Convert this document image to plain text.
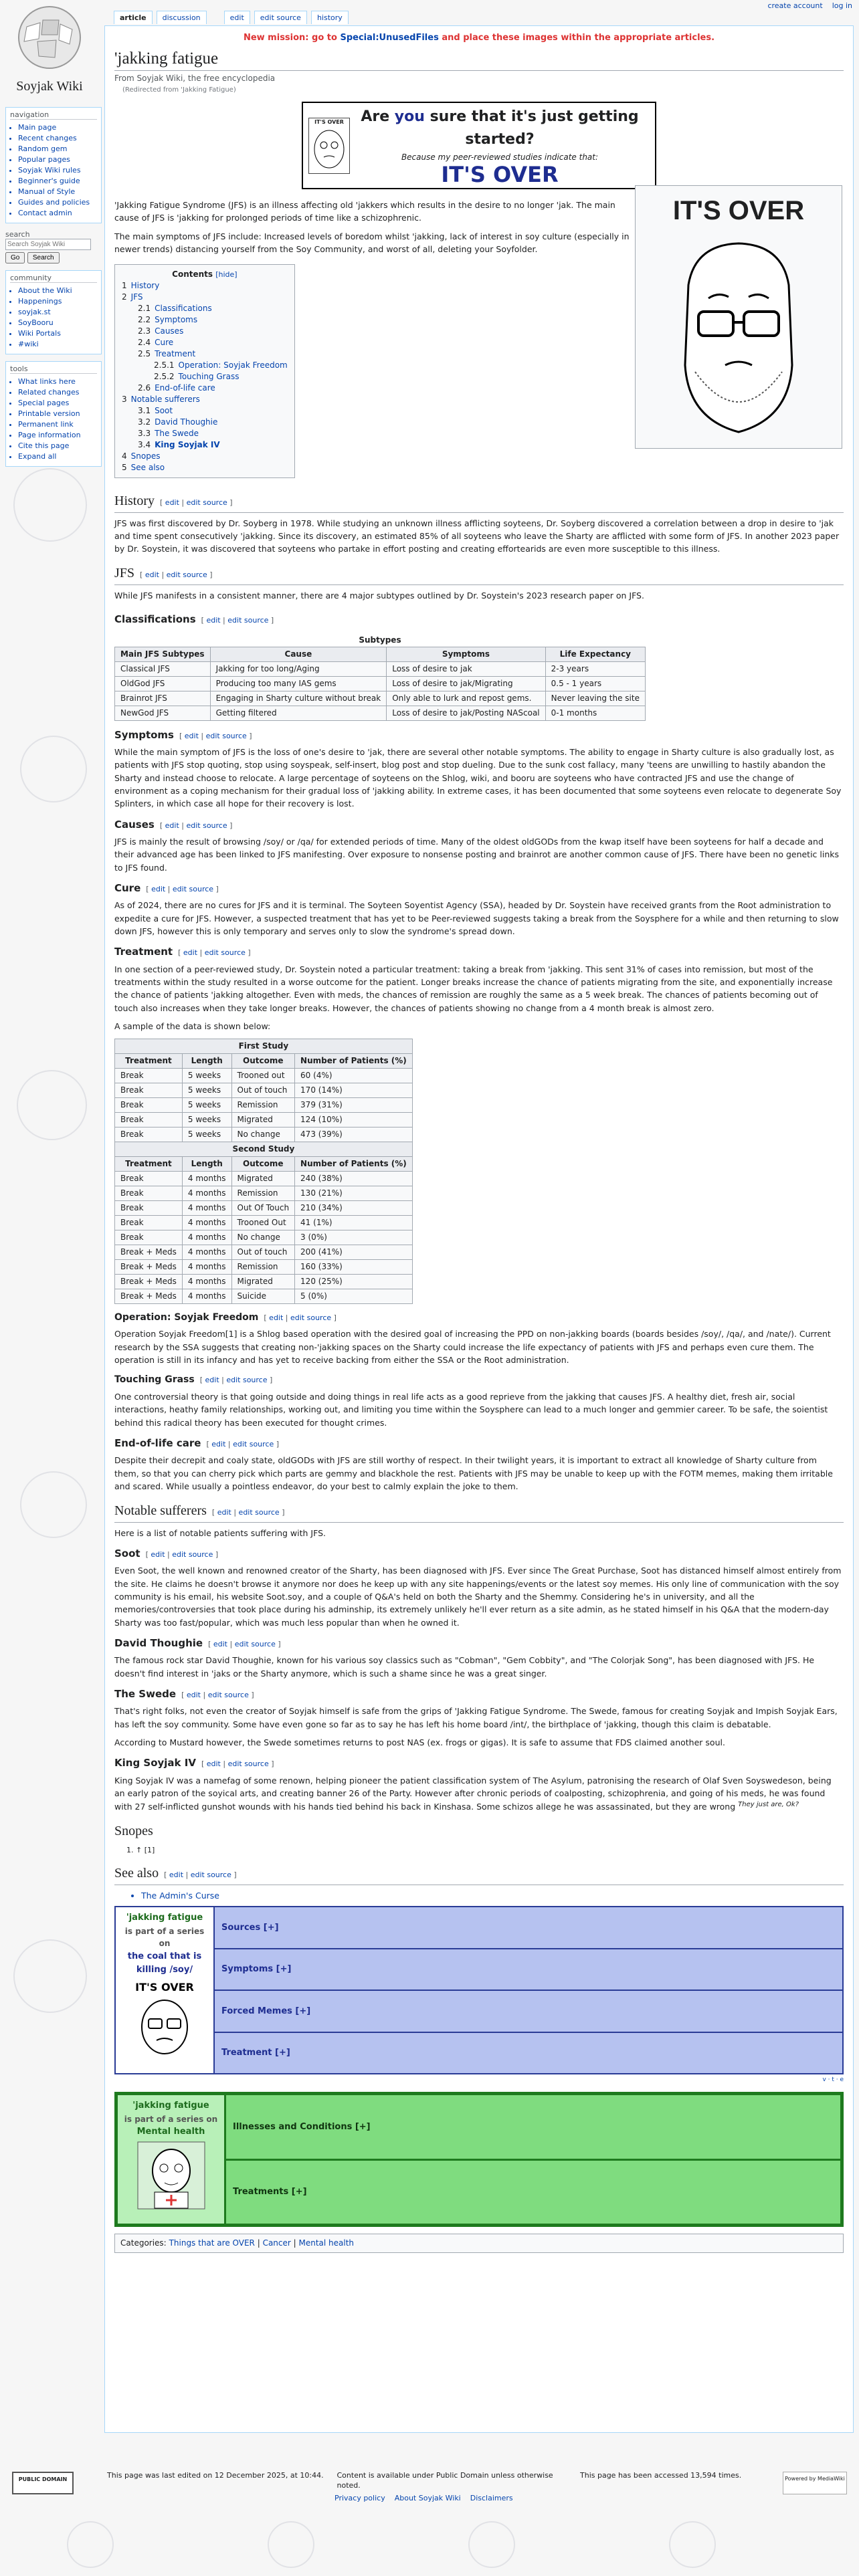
Soyjak Wiki
create account log in
article	discussion	edit	edit source	history
navigation
• Main page
• Recent changes
• Random gem
• Popular pages
• Soyjak Wiki rules
• Beginner's guide
• Manual of Style
• Guides and policies
• Contact admin
search
Search Soyjak Wiki
Go Search
community
• About the Wiki
• Happenings
• soyjak.st
• SoyBooru
• Wiki Portals
• #wiki
tools
• What links here
• Related changes
• Special pages
• Printable version
• Permanent link
• Page information
• Cite this page
• Expand all
New mission: go to Special:UnusedFiles and place these images within the appropriate articles.
'jakking fatigue
From Soyjak Wiki, the free encyclopedia
(Redirected from 'Jakking Fatigue)
IT'S OVER	Are you sure that it's just getting started?
Because my peer-reviewed studies indicate that:
IT'S OVER
IT'S OVER

'Jakking Fatigue Syndrome (JFS) is an illness affecting old 'jakkers which results in the desire to no longer 'jak. The main cause of JFS is 'jakking for prolonged periods of time like a schizophrenic.

The main symptoms of JFS include: Increased levels of boredom whilst 'jakking, lack of interest in soy culture (especially in newer trends) distancing yourself from the Soy Community, and worst of all, deleting your Soyfolder.

Contents [hide]
1 History
2 JFS
2.1 Classifications
2.2 Symptoms
2.3 Causes
2.4 Cure
2.5 Treatment
2.5.1 Operation: Soyjak Freedom
2.5.2 Touching Grass
2.6 End-of-life care
3 Notable sufferers
3.1 Soot
3.2 David Thoughie
3.3 The Swede
3.4 King Soyjak IV
4 Snopes
5 See also
History [ edit | edit source ]

JFS was first discovered by Dr. Soyberg in 1978. While studying an unknown illness afflicting soyteens, Dr. Soyberg discovered a correlation between a drop in desire to 'jak and time spent consecutively 'jakking. Since its discovery, an estimated 85% of all soyteens who leave the Sharty are afflicted with some form of JFS. In another 2023 paper by Dr. Soystein, it was discovered that soyteens who partake in effort posting and creating effortearids are even more susceptible to this illness.

JFS [ edit | edit source ]

While JFS manifests in a consistent manner, there are 4 major subtypes outlined by Dr. Soystein's 2023 research paper on JFS.

Classifications [ edit | edit source ]
Subtypes
Main JFS Subtypes	Cause	Symptoms	Life Expectancy
Classical JFS	Jakking for too long/Aging	Loss of desire to jak	2-3 years
OldGod JFS	Producing too many IAS gems	Loss of desire to jak/Migrating	0.5 - 1 years
Brainrot JFS	Engaging in Sharty culture without break	Only able to lurk and repost gems.	Never leaving the site
NewGod JFS	Getting filtered	Loss of desire to jak/Posting NAScoal	0-1 months
Symptoms [ edit | edit source ]

While the main symptom of JFS is the loss of one's desire to 'jak, there are several other notable symptoms. The ability to engage in Sharty culture is also gradually lost, as patients with JFS stop quoting, stop using soyspeak, self-insert, blog post and stop dueling. Due to the sunk cost fallacy, many 'teens are unwilling to hastily abandon the Sharty and instead choose to relocate. A large percentage of soyteens on the Shlog, wiki, and booru are soyteens who have contracted JFS and use the change of environment as a coping mechanism for their gradual loss of 'jakking ability. In extreme cases, it has been documented that some soyteens even relocate to degenerate Soy Splinters, in which case all hope for their recovery is lost.

Causes [ edit | edit source ]

JFS is mainly the result of browsing /soy/ or /qa/ for extended periods of time. Many of the oldest oldGODs from the kwap itself have been soyteens for half a decade and their advanced age has been linked to JFS manifesting. Over exposure to nonsense posting and brainrot are another common cause of JFS. There have been no genetic links to JFS found.

Cure [ edit | edit source ]

As of 2024, there are no cures for JFS and it is terminal. The Soyteen Soyentist Agency (SSA), headed by Dr. Soystein have received grants from the Root administration to expedite a cure for JFS. However, a suspected treatment that has yet to be Peer-reviewed suggests taking a break from the Soysphere for a while and then returning to slow down JFS, however this is only temporary and serves only to slow the syndrome's spread down.

Treatment [ edit | edit source ]

In one section of a peer-reviewed study, Dr. Soystein noted a particular treatment: taking a break from 'jakking. This sent 31% of cases into remission, but most of the treatments within the study resulted in a worse outcome for the patient. Longer breaks increase the chance of patients migrating from the site, and exponentially increase the chance of patients 'jakking altogether. Even with meds, the chances of remission are roughly the same as a 5 week break. The chances of patients becoming out of touch also increases when they take longer breaks. However, the chances of patients showing no change from a 4 month break is almost zero.

A sample of the data is shown below:

First Study			
Treatment	Length	Outcome	Number of Patients (%)
Break	5 weeks	Trooned out	60 (4%)
Break	5 weeks	Out of touch	170 (14%)
Break	5 weeks	Remission	379 (31%)
Break	5 weeks	Migrated	124 (10%)
Break	5 weeks	No change	473 (39%)
Second Study			
Treatment	Length	Outcome	Number of Patients (%)
Break	4 months	Migrated	240 (38%)
Break	4 months	Remission	130 (21%)
Break	4 months	Out Of Touch	210 (34%)
Break	4 months	Trooned Out	41 (1%)
Break	4 months	No change	3 (0%)
Break + Meds	4 months	Out of touch	200 (41%)
Break + Meds	4 months	Remission	160 (33%)
Break + Meds	4 months	Migrated	120 (25%)
Break + Meds	4 months	Suicide	5 (0%)
Operation: Soyjak Freedom [ edit | edit source ]

Operation Soyjak Freedom[1] is a Shlog based operation with the desired goal of increasing the PPD on non-jakking boards (boards besides /soy/, /qa/, and /nate/). Current research by the SSA suggests that creating non-'jakking spaces on the Sharty could increase the life expectancy of patients with JFS and perhaps even cure them. The operation is still in its infancy and has yet to receive backing from either the SSA or the Root administration.

Touching Grass [ edit | edit source ]

One controversial theory is that going outside and doing things in real life acts as a good reprieve from the jakking that causes JFS. A healthy diet, fresh air, social interactions, heathy family relationships, working out, and limiting you time within the Soysphere can lead to a much longer and gemmier career. To be safe, the soientist behind this radical theory has been executed for thought crimes.

End-of-life care [ edit | edit source ]

Despite their decrepit and coaly state, oldGODs with JFS are still worthy of respect. In their twilight years, it is important to extract all knowledge of Sharty culture from them, so that you can cherry pick which parts are gemmy and blackhole the rest. Patients with JFS may be unable to keep up with the FOTM memes, making them irritable and scared. While usually a pointless endeavor, do your best to calmly explain the joke to them.

Notable sufferers [ edit | edit source ]

Here is a list of notable patients suffering with JFS.

Soot [ edit | edit source ]

Even Soot, the well known and renowned creator of the Sharty, has been diagnosed with JFS. Ever since The Great Purchase, Soot has distanced himself almost entirely from the site. He claims he doesn't browse it anymore nor does he keep up with any site happenings/events or the latest soy memes. His only line of communication with the soy community is his email, his website Soot.soy, and a couple of Q&A's held on both the Sharty and the Shemmy. Considering he's in university, and all the memories/controversies that took place during his adminship, its extremely unlikely he'll ever return as a site admin, as he stated himself in his Q&A that the modern-day Sharty was too fast/popular, which was much less popular than when he owned it.

David Thoughie [ edit | edit source ]

The famous rock star David Thoughie, known for his various soy classics such as "Cobman", "Gem Cobbity", and "The Colorjak Song", has been diagnosed with JFS. He doesn't find interest in 'jaks or the Sharty anymore, which is such a shame since he was a great singer.

The Swede [ edit | edit source ]

That's right folks, not even the creator of Soyjak himself is safe from the grips of 'Jakking Fatigue Syndrome. The Swede, famous for creating Soyjak and Impish Soyjak Ears, has left the soy community. Some have even gone so far as to say he has left his home board /int/, the birthplace of 'jakking, though this claim is debatable.

According to Mustard however, the Swede sometimes returns to post NAS (ex. frogs or gigas). It is safe to assume that FDS claimed another soul.

King Soyjak IV [ edit | edit source ]

King Soyjak IV was a namefag of some renown, helping pioneer the patient classification system of The Asylum, patronising the research of Olaf Sven Soyswedeson, being an early patron of the soyical arts, and creating banner 26 of the Party. However after chronic periods of coalposting, schizophrenia, and going of his meds, he was found with 27 self-inflicted gunshot wounds with his hands tied behind his back in Kinshasa. Some schizos allege he was assassinated, but they are wrong $^{They just are, Ok?}$

Snopes
1. ↑ [1]
See also [ edit | edit source ]
• The Admin's Curse
'jakking fatigue
is part of a series on
the coal that is killing /soy/
IT'S OVER
Sources [+]
Symptoms [+]
Forced Memes [+]
Treatment [+]
v · t · e
'jakking fatigue
is part of a series on
Mental health
Illnesses and Conditions [+]
Treatments [+]
Categories: Things that are OVER | Cancer | Mental health
PUBLIC DOMAIN	This page was last edited on 12 December 2025, at 10:44. Content is available under Public Domain unless otherwise noted. This page has been accessed 13,594 times.
Privacy policy About Soyjak Wiki Disclaimers
Powered by MediaWiki
